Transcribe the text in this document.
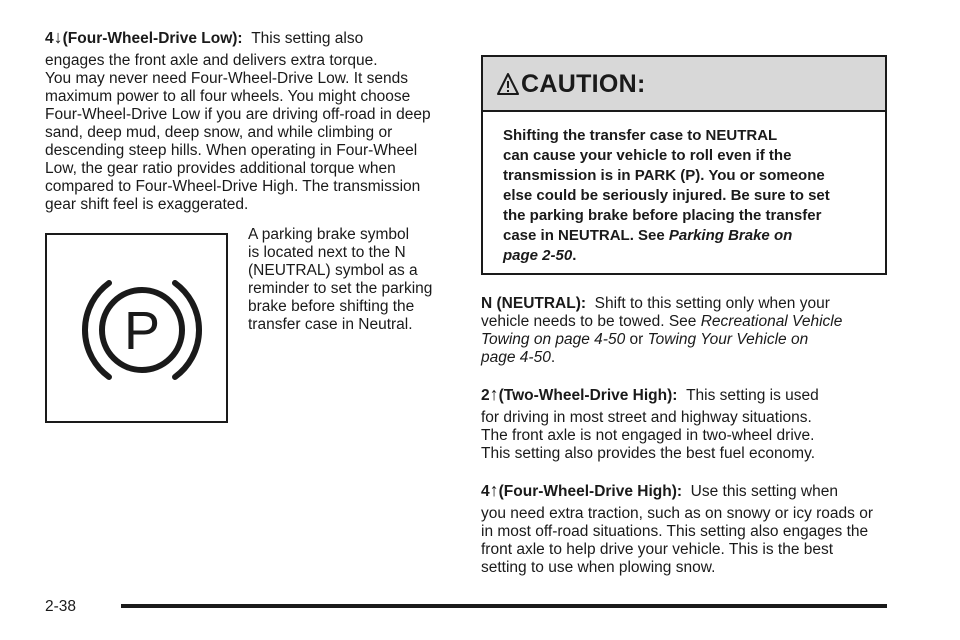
4↓(Four-Wheel-Drive Low): This setting also
engages the front axle and delivers extra torque.
You may never need Four-Wheel-Drive Low. It sends
maximum power to all four wheels. You might choose
Four-Wheel-Drive Low if you are driving off-road in deep
sand, deep mud, deep snow, and while climbing or
descending steep hills. When operating in Four-Wheel
Low, the gear ratio provides additional torque when
compared to Four-Wheel-Drive High. The transmission
gear shift feel is exaggerated.
P
A parking brake symbol
is located next to the N
(NEUTRAL) symbol as a
reminder to set the parking
brake before shifting the
transfer case in Neutral.
CAUTION:
Shifting the transfer case to NEUTRAL
can cause your vehicle to roll even if the
transmission is in PARK (P). You or someone
else could be seriously injured. Be sure to set
the parking brake before placing the transfer
case in NEUTRAL. See Parking Brake on
page 2-50.
N (NEUTRAL): Shift to this setting only when your
vehicle needs to be towed. See Recreational Vehicle
Towing on page 4-50 or Towing Your Vehicle on
page 4-50.
2↑(Two-Wheel-Drive High): This setting is used
for driving in most street and highway situations.
The front axle is not engaged in two-wheel drive.
This setting also provides the best fuel economy.
4↑(Four-Wheel-Drive High): Use this setting when
you need extra traction, such as on snowy or icy roads or
in most off-road situations. This setting also engages the
front axle to help drive your vehicle. This is the best
setting to use when plowing snow.
2-38
